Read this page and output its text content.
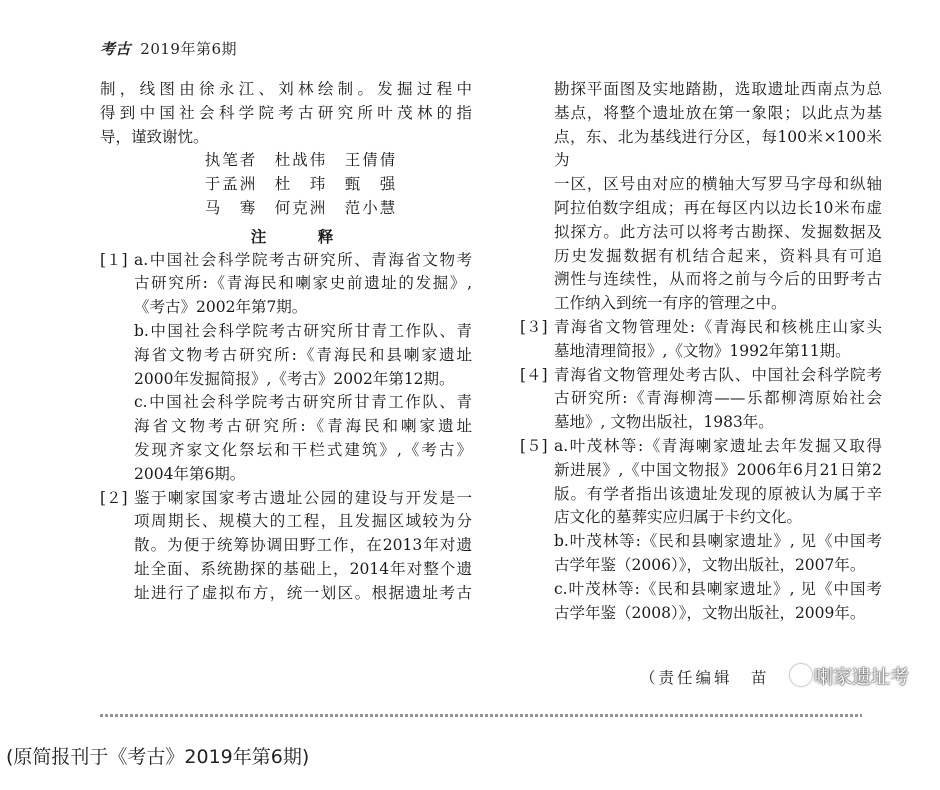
考古 2019年第6期

制，线图由徐永江、刘林绘制。发掘过程中
得到中国社会科学院考古研究所叶茂林的指
导，谨致谢忱。

执笔者　杜战伟　王倩倩

于孟洲　杜　玮　甄　强

马　骞　何克洲　范小慧

注　释

[１] a.中国社会科学院考古研究所、青海省文物考
古研究所:《青海民和喇家史前遗址的发掘》,
《考古》2002年第7期。
b.中国社会科学院考古研究所甘青工作队、青
海省文物考古研究所:《青海民和县喇家遗址
2000年发掘简报》,《考古》2002年第12期。
c.中国社会科学院考古研究所甘青工作队、青
海省文物考古研究所:《青海民和喇家遗址
发现齐家文化祭坛和干栏式建筑》,《考古》
2004年第6期。
[２] 鉴于喇家国家考古遗址公园的建设与开发是一
项周期长、规模大的工程，且发掘区域较为分
散。为便于统筹协调田野工作，在2013年对遗
址全面、系统勘探的基础上，2014年对整个遗
址进行了虚拟布方，统一划区。根据遗址考古
勘探平面图及实地踏勘，选取遗址西南点为总
基点，将整个遗址放在第一象限；以此点为基
点，东、北为基线进行分区，每100米×100米为
一区，区号由对应的横轴大写罗马字母和纵轴
阿拉伯数字组成；再在每区内以边长10米布虚
拟探方。此方法可以将考古勘探、发掘数据及
历史发掘数据有机结合起来，资料具有可追
溯性与连续性，从而将之前与今后的田野考古
工作纳入到统一有序的管理之中。
[３] 青海省文物管理处:《青海民和核桃庄山家头
墓地清理简报》,《文物》1992年第11期。
[４] 青海省文物管理处考古队、中国社会科学院考
古研究所:《青海柳湾——乐都柳湾原始社会
墓地》, 文物出版社，1983年。
[５] a.叶茂林等:《青海喇家遗址去年发掘又取得
新进展》,《中国文物报》2006年6月21日第2
版。有学者指出该遗址发现的原被认为属于辛
店文化的墓葬实应归属于卡约文化。
b.叶茂林等:《民和县喇家遗址》, 见《中国考
古学年鉴（2006）》，文物出版社，2007年。
c.叶茂林等:《民和县喇家遗址》, 见《中国考
古学年鉴（2008）》，文物出版社，2009年。
（责任编辑　苗	喇家遗址考
(原简报刊于《考古》2019年第6期)
